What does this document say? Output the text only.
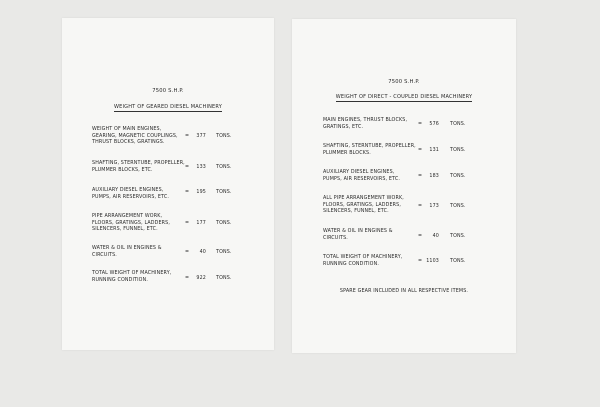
7500 S.H.P.
WEIGHT OF GEARED DIESEL MACHINERY
WEIGHT OF MAIN ENGINES,
GEARING, MAGNETIC COUPLINGS,
THRUST BLOCKS, GRATINGS.
=	377 TONS.
SHAFTING, STERNTUBE, PROPELLER,
PLUMMER BLOCKS, ETC.
=	133 TONS.
AUXILIARY DIESEL ENGINES,
PUMPS, AIR RESERVOIRS, ETC.
=	195 TONS.
PIPE ARRANGEMENT WORK,
FLOORS, GRATINGS, LADDERS,
SILENCERS, FUNNEL, ETC.
=	177 TONS.
WATER & OIL IN ENGINES &
CIRCUITS.
=	40 TONS.
TOTAL WEIGHT OF MACHINERY,
RUNNING CONDITION.	=	922 TONS.
7500 S.H.P.
WEIGHT OF DIRECT - COUPLED DIESEL MACHINERY
MAIN ENGINES, THRUST BLOCKS,
GRATINGS, ETC.
=	576 TONS.
SHAFTING, STERNTUBE, PROPELLER,
PLUMMER BLOCKS.
=	131 TONS.
AUXILIARY DIESEL ENGINES,
PUMPS, AIR RESERVOIRS, ETC.
=	183 TONS.
ALL PIPE ARRANGEMENT WORK,
FLOORS, GRATINGS, LADDERS,
SILENCERS, FUNNEL, ETC.
=	173 TONS.
WATER & OIL IN ENGINES &
CIRCUITS.	=	40 TONS.
TOTAL WEIGHT OF MACHINERY,
RUNNING CONDITION.
= 1103 TONS.
SPARE GEAR INCLUDED IN ALL RESPECTIVE ITEMS.
